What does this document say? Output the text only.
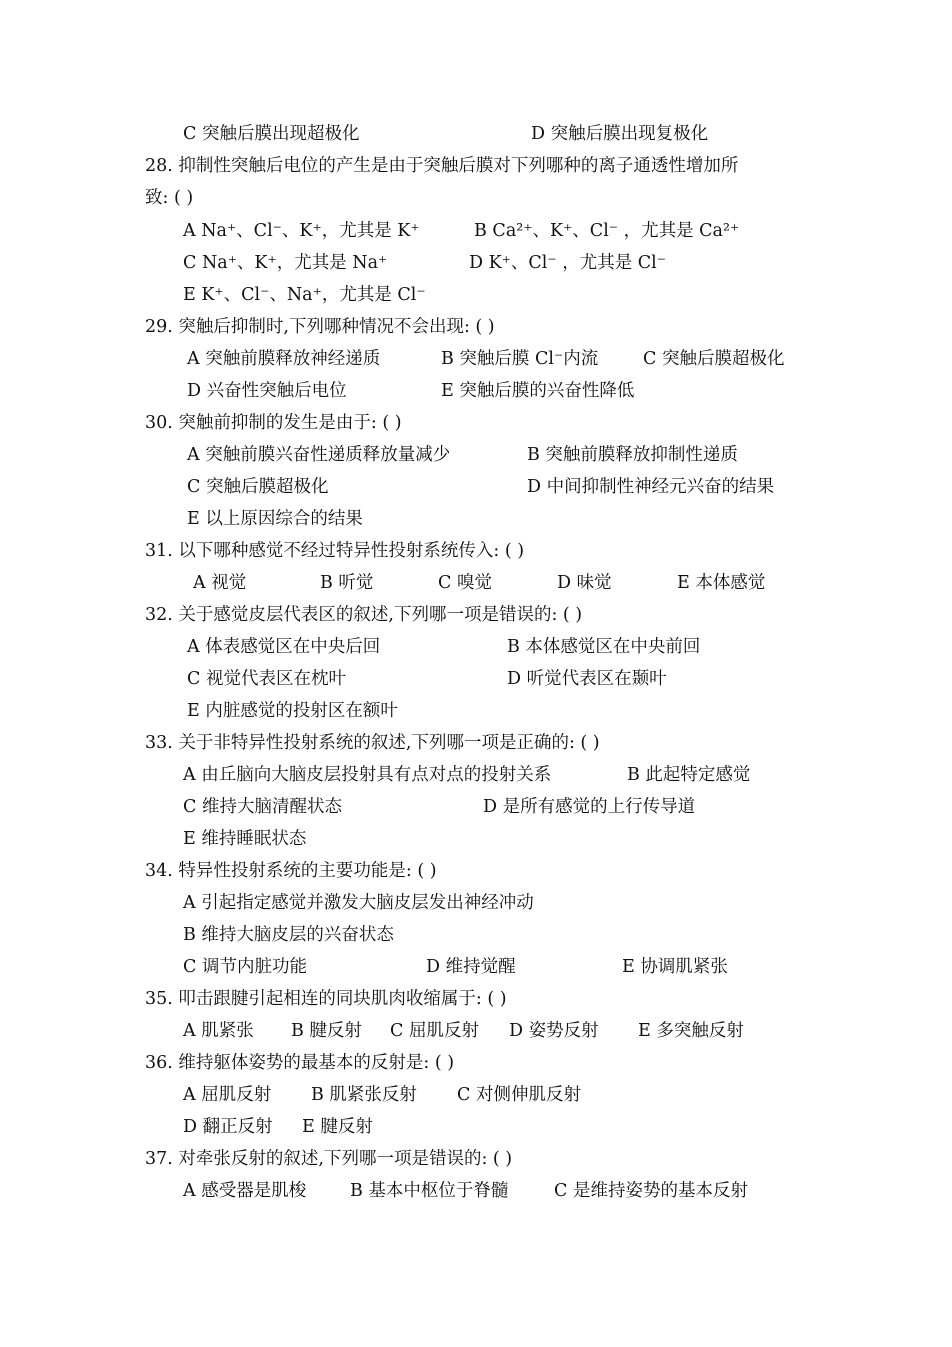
C 突触后膜出现超极化	D 突触后膜出现复极化
28. 抑制性突触后电位的产生是由于突触后膜对下列哪种的离子通透性增加所
致: ( )
A Na⁺、Cl⁻、K⁺，尤其是 K⁺	B Ca²⁺、K⁺、Cl⁻ ，尤其是 Ca²⁺
C Na⁺、K⁺，尤其是 Na⁺	D K⁺、Cl⁻ ，尤其是 Cl⁻
E K⁺、Cl⁻、Na⁺，尤其是 Cl⁻
29. 突触后抑制时,下列哪种情况不会出现: ( )
A 突触前膜释放神经递质	B 突触后膜 Cl⁻内流	C 突触后膜超极化
D 兴奋性突触后电位	E 突触后膜的兴奋性降低
30. 突触前抑制的发生是由于: ( )
A 突触前膜兴奋性递质释放量减少	B 突触前膜释放抑制性递质
C 突触后膜超极化	D 中间抑制性神经元兴奋的结果
E 以上原因综合的结果
31. 以下哪种感觉不经过特异性投射系统传入: ( )
A 视觉	B 听觉	C 嗅觉	D 味觉	E 本体感觉
32. 关于感觉皮层代表区的叙述,下列哪一项是错误的: ( )
A 体表感觉区在中央后回	B 本体感觉区在中央前回
C 视觉代表区在枕叶	D 听觉代表区在颞叶
E 内脏感觉的投射区在额叶
33. 关于非特异性投射系统的叙述,下列哪一项是正确的: ( )
A 由丘脑向大脑皮层投射具有点对点的投射关系	B 此起特定感觉
C 维持大脑清醒状态	D 是所有感觉的上行传导道
E 维持睡眠状态
34. 特异性投射系统的主要功能是: ( )
A 引起指定感觉并激发大脑皮层发出神经冲动
B 维持大脑皮层的兴奋状态
C 调节内脏功能	D 维持觉醒	E 协调肌紧张
35. 叩击跟腱引起相连的同块肌肉收缩属于: ( )
A 肌紧张 B 腱反射 C 屈肌反射 D 姿势反射 E 多突触反射
36. 维持躯体姿势的最基本的反射是: ( )
A 屈肌反射 B 肌紧张反射 C 对侧伸肌反射
D 翻正反射 E 腱反射
37. 对牵张反射的叙述,下列哪一项是错误的: ( )
A 感受器是肌梭	B 基本中枢位于脊髓	C 是维持姿势的基本反射
